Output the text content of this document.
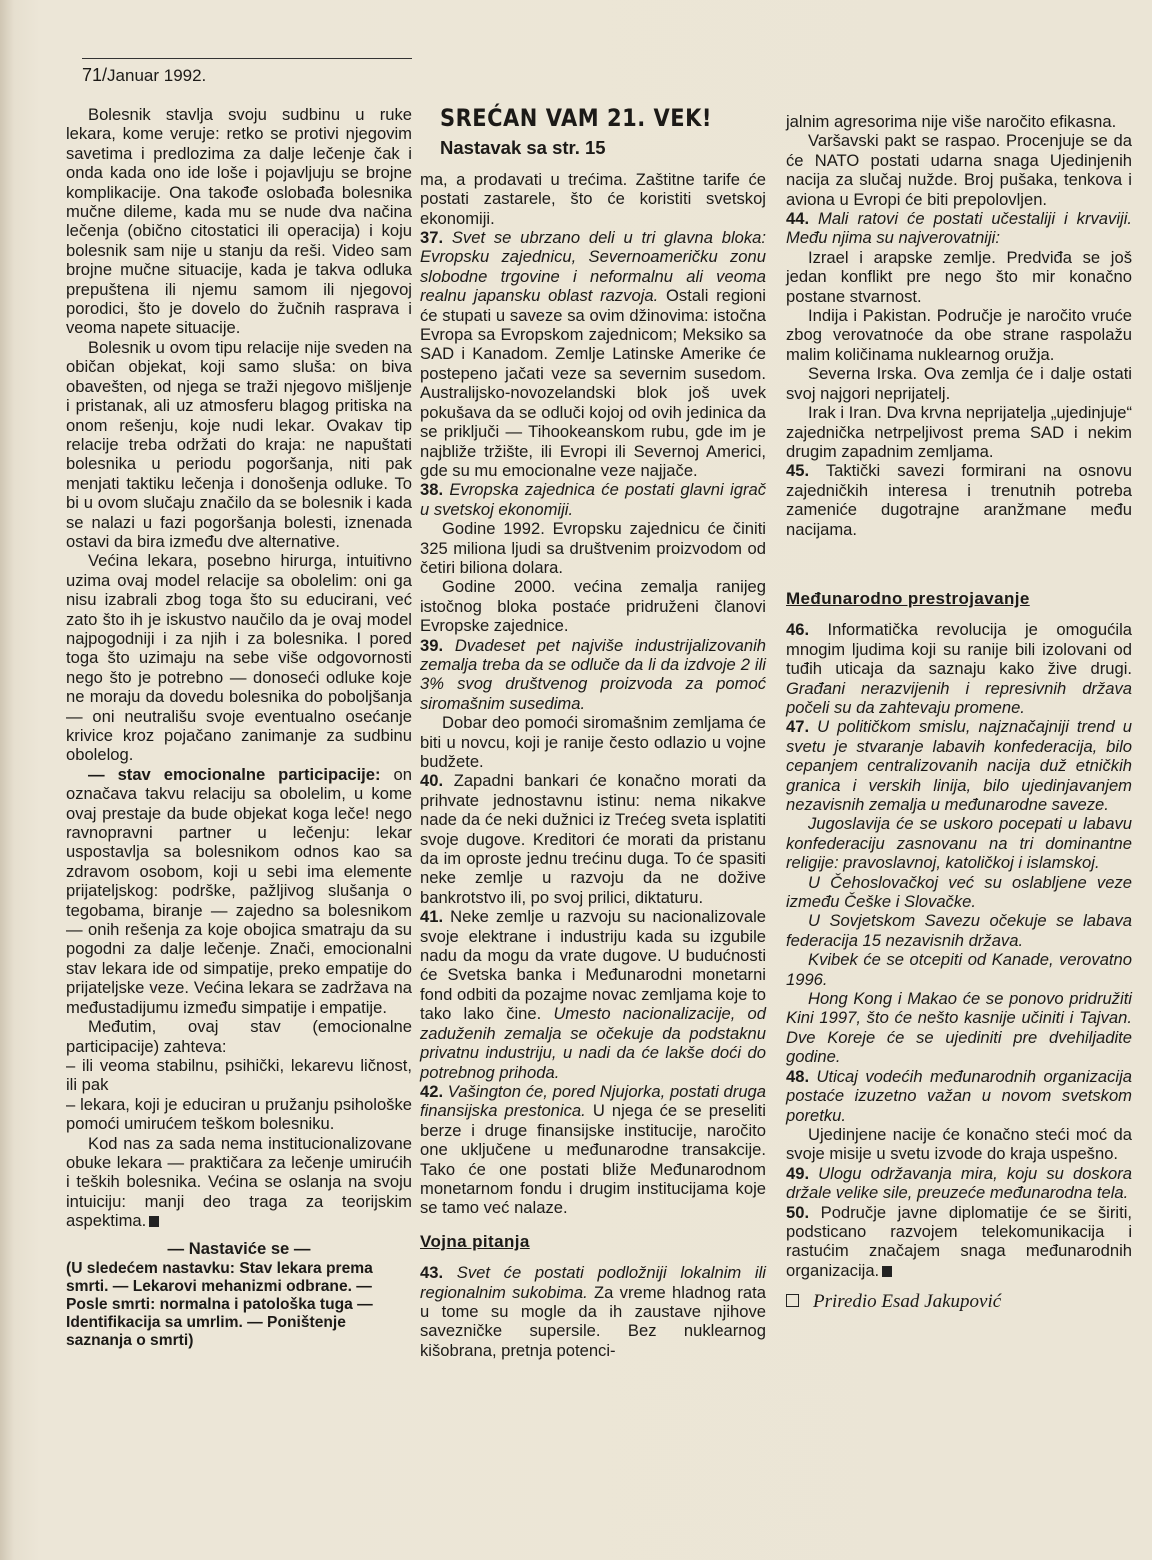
71/Januar 1992.

Bolesnik stavlja svoju sudbinu u ruke lekara, kome veruje: retko se protivi njegovim savetima i predlozima za dalje lečenje čak i onda kada ono ide loše i pojavljuju se brojne komplikacije. Ona takođe oslobađa bolesnika mučne dileme, kada mu se nude dva načina lečenja (obično citostatici ili operacija) i koju bolesnik sam nije u stanju da reši. Video sam brojne mučne situacije, kada je takva odluka prepuštena ili njemu samom ili njegovoj porodici, što je dovelo do žučnih rasprava i veoma napete situacije.

Bolesnik u ovom tipu relacije nije sveden na običan objekat, koji samo sluša: on biva obavešten, od njega se traži njegovo mišljenje i pristanak, ali uz atmosferu blagog pritiska na onom rešenju, koje nudi lekar. Ovakav tip relacije treba održati do kraja: ne napuštati bolesnika u periodu pogoršanja, niti pak menjati taktiku lečenja i donošenja odluke. To bi u ovom slučaju značilo da se bolesnik i kada se nalazi u fazi pogoršanja bolesti, iznenada ostavi da bira između dve alternative.

Većina lekara, posebno hirurga, intuitivno uzima ovaj model relacije sa obolelim: oni ga nisu izabrali zbog toga što su educirani, već zato što ih je iskustvo naučilo da je ovaj model najpogodniji i za njih i za bolesnika. I pored toga što uzimaju na sebe više odgovornosti nego što je potrebno — donoseći odluke koje ne moraju da dovedu bolesnika do poboljšanja — oni neutrališu svoje eventualno osećanje krivice kroz pojačano zanimanje za sudbinu obolelog.

— stav emocionalne participacije: on označava takvu relaciju sa obolelim, u kome ovaj prestaje da bude objekat koga leče! nego ravnopravni partner u lečenju: lekar uspostavlja sa bolesnikom odnos kao sa zdravom osobom, koji u sebi ima elemente prijateljskog: podrške, pažljivog slušanja o tegobama, biranje — zajedno sa bolesnikom — onih rešenja za koje obojica smatraju da su pogodni za dalje lečenje. Znači, emocionalni stav lekara ide od simpatije, preko empatije do prijateljske veze. Većina lekara se zadržava na međustadijumu između simpatije i empatije.

Međutim, ovaj stav (emocionalne participacije) zahteva:

– ili veoma stabilnu, psihički, lekarevu ličnost, ili pak

– lekara, koji je educiran u pružanju psihološke pomoći umirućem teškom bolesniku.

Kod nas za sada nema institucionalizovane obuke lekara — praktičara za lečenje umirućih i teških bolesnika. Većina se oslanja na svoju intuiciju: manji deo traga za teorijskim aspektima.

— Nastaviće se —

(U sledećem nastavku: Stav lekara prema smrti. — Lekarovi mehanizmi odbrane. — Posle smrti: normalna i patološka tuga — Identifikacija sa umrlim. — Poništenje saznanja o smrti)

SREĆAN VAM 21. VEK!
Nastavak sa str. 15

ma, a prodavati u trećima. Zaštitne tarife će postati zastarele, što će koristiti svetskoj ekonomiji.

37. Svet se ubrzano deli u tri glavna bloka: Evropsku zajednicu, Severnoameričku zonu slobodne trgovine i neformalnu ali veoma realnu japansku oblast razvoja. Ostali regioni će stupati u saveze sa ovim džinovima: istočna Evropa sa Evropskom zajednicom; Meksiko sa SAD i Kanadom. Zemlje Latinske Amerike će postepeno jačati veze sa severnim susedom. Australijsko-novozelandski blok još uvek pokušava da se odluči kojoj od ovih jedinica da se priključi — Tihookeanskom rubu, gde im je najbliže tržište, ili Evropi ili Severnoj Americi, gde su mu emocionalne veze najjače.

38. Evropska zajednica će postati glavni igrač u svetskoj ekonomiji.

Godine 1992. Evropsku zajednicu će činiti 325 miliona ljudi sa društvenim proizvodom od četiri biliona dolara.

Godine 2000. većina zemalja ranijeg istočnog bloka postaće pridruženi članovi Evropske zajednice.

39. Dvadeset pet najviše industrijalizovanih zemalja treba da se odluče da li da izdvoje 2 ili 3% svog društvenog proizvoda za pomoć siromašnim susedima.

Dobar deo pomoći siromašnim zemljama će biti u novcu, koji je ranije često odlazio u vojne budžete.

40. Zapadni bankari će konačno morati da prihvate jednostavnu istinu: nema nikakve nade da će neki dužnici iz Trećeg sveta isplatiti svoje dugove. Kreditori će morati da pristanu da im oproste jednu trećinu duga. To će spasiti neke zemlje u razvoju da ne dožive bankrotstvo ili, po svoj prilici, diktaturu.

41. Neke zemlje u razvoju su nacionalizovale svoje elektrane i industriju kada su izgubile nadu da mogu da vrate dugove. U budućnosti će Svetska banka i Međunarodni monetarni fond odbiti da pozajme novac zemljama koje to tako lako čine. Umesto nacionalizacije, od zaduženih zemalja se očekuje da podstaknu privatnu industriju, u nadi da će lakše doći do potrebnog prihoda.

42. Vašington će, pored Njujorka, postati druga finansijska prestonica. U njega će se preseliti berze i druge finansijske institucije, naročito one uključene u međunarodne transakcije. Tako će one postati bliže Međunarodnom monetarnom fondu i drugim institucijama koje se tamo već nalaze.

Vojna pitanja

43. Svet će postati podložniji lokalnim ili regionalnim sukobima. Za vreme hladnog rata u tome su mogle da ih zaustave njihove savezničke supersile. Bez nuklearnog kišobrana, pretnja potenci-

jalnim agresorima nije više naročito efikasna.

Varšavski pakt se raspao. Procenjuje se da će NATO postati udarna snaga Ujedinjenih nacija za slučaj nužde. Broj pušaka, tenkova i aviona u Evropi će biti prepolovljen.

44. Mali ratovi će postati učestaliji i krvaviji. Među njima su najverovatniji:

Izrael i arapske zemlje. Predviđa se još jedan konflikt pre nego što mir konačno postane stvarnost.

Indija i Pakistan. Područje je naročito vruće zbog verovatnoće da obe strane raspolažu malim količinama nuklearnog oružja.

Severna Irska. Ova zemlja će i dalje ostati svoj najgori neprijatelj.

Irak i Iran. Dva krvna neprijatelja „ujedinjuje“ zajednička netrpeljivost prema SAD i nekim drugim zapadnim zemljama.

45. Taktički savezi formirani na osnovu zajedničkih interesa i trenutnih potreba zameniće dugotrajne aranžmane među nacijama.

Međunarodno prestrojavanje

46. Informatička revolucija je omogućila mnogim ljudima koji su ranije bili izolovani od tuđih uticaja da saznaju kako žive drugi. Građani nerazvijenih i represivnih država počeli su da zahtevaju promene.

47. U političkom smislu, najznačajniji trend u svetu je stvaranje labavih konfederacija, bilo cepanjem centralizovanih nacija duž etničkih granica i verskih linija, bilo ujedinjavanjem nezavisnih zemalja u međunarodne saveze.

Jugoslavija će se uskoro pocepati u labavu konfederaciju zasnovanu na tri dominantne religije: pravoslavnoj, katoličkoj i islamskoj.

U Čehoslovačkoj već su oslabljene veze između Češke i Slovačke.

U Sovjetskom Savezu očekuje se labava federacija 15 nezavisnih država.

Kvibek će se otcepiti od Kanade, verovatno 1996.

Hong Kong i Makao će se ponovo pridružiti Kini 1997, što će nešto kasnije učiniti i Tajvan. Dve Koreje će se ujediniti pre dvehiljadite godine.

48. Uticaj vodećih međunarodnih organizacija postaće izuzetno važan u novom svetskom poretku.

Ujedinjene nacije će konačno steći moć da svoje misije u svetu izvode do kraja uspešno.

49. Ulogu održavanja mira, koju su doskora držale velike sile, preuzeće međunarodna tela.

50. Područje javne diplomatije će se širiti, podsticano razvojem telekomunikacija i rastućim značajem snaga međunarodnih organizacija.

Priredio Esad Jakupović
